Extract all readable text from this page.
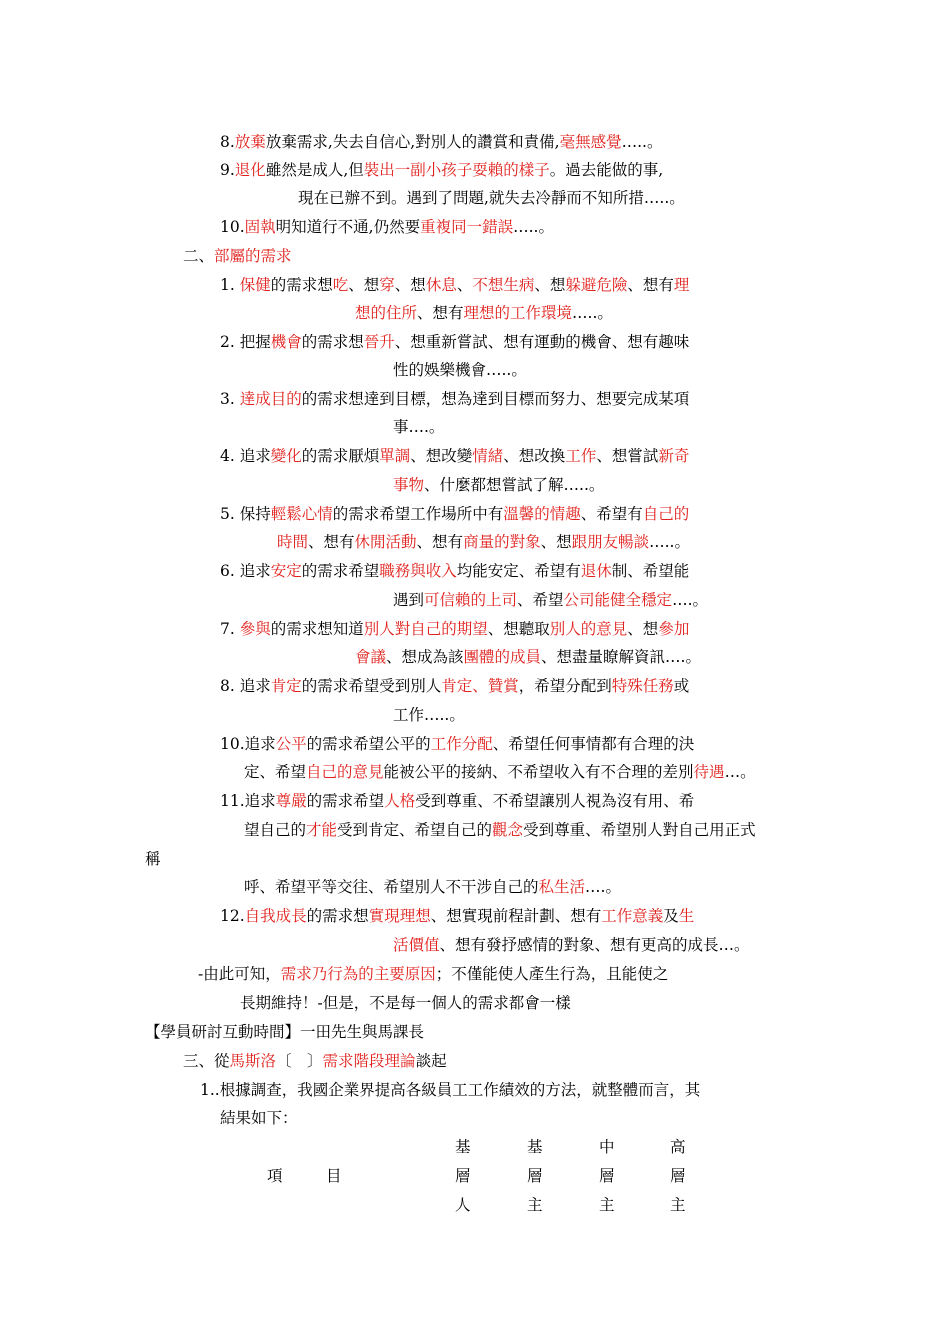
8.放棄放棄需求,失去自信心,對別人的讚賞和責備,毫無感覺…..。
9.退化雖然是成人,但裝出一副小孩子耍賴的樣子。過去能做的事,
現在已辦不到。遇到了問題,就失去冷靜而不知所措…..。
10.固執明知道行不通,仍然要重複同一錯誤…..。
二、部屬的需求
1. 保健的需求想吃、想穿、想休息、不想生病、想躲避危險、想有理
想的住所、想有理想的工作環境…..。
2. 把握機會的需求想晉升、想重新嘗試、想有運動的機會、想有趣味
性的娛樂機會…..。
3. 達成目的的需求想達到目標，想為達到目標而努力、想要完成某項
事….。
4. 追求變化的需求厭煩單調、想改變情緒、想改換工作、想嘗試新奇
事物、什麼都想嘗試了解…..。
5. 保持輕鬆心情的需求希望工作場所中有溫馨的情趣、希望有自己的
時間、想有休閒活動、想有商量的對象、想跟朋友暢談…..。
6. 追求安定的需求希望職務與收入均能安定、希望有退休制、希望能
遇到可信賴的上司、希望公司能健全穩定….。
7. 參與的需求想知道別人對自己的期望、想聽取別人的意見、想參加
會議、想成為該團體的成員、想盡量瞭解資訊….。
8. 追求肯定的需求希望受到別人肯定、贊賞，希望分配到特殊任務或
工作…..。
10.追求公平的需求希望公平的工作分配、希望任何事情都有合理的決
定、希望自己的意見能被公平的接納、不希望收入有不合理的差別待遇…。
11.追求尊嚴的需求希望人格受到尊重、不希望讓別人視為沒有用、希
望自己的才能受到肯定、希望自己的觀念受到尊重、希望別人對自己用正式
稱
呼、希望平等交往、希望別人不干涉自己的私生活….。
12.自我成長的需求想實現理想、想實現前程計劃、想有工作意義及生
活價值、想有發抒感情的對象、想有更高的成長…。
-由此可知，需求乃行為的主要原因；不僅能使人產生行為，且能使之
長期維持！-但是，不是每一個人的需求都會一樣
【學員研討互動時間】一田先生與馬課長
三、從馬斯洛〔　〕需求階段理論談起
1..根據調查，我國企業界提高各級員工工作績效的方法，就整體而言，其
結果如下：
項	目
基
層
人
基
層
主
中
層
主
高
層
主
